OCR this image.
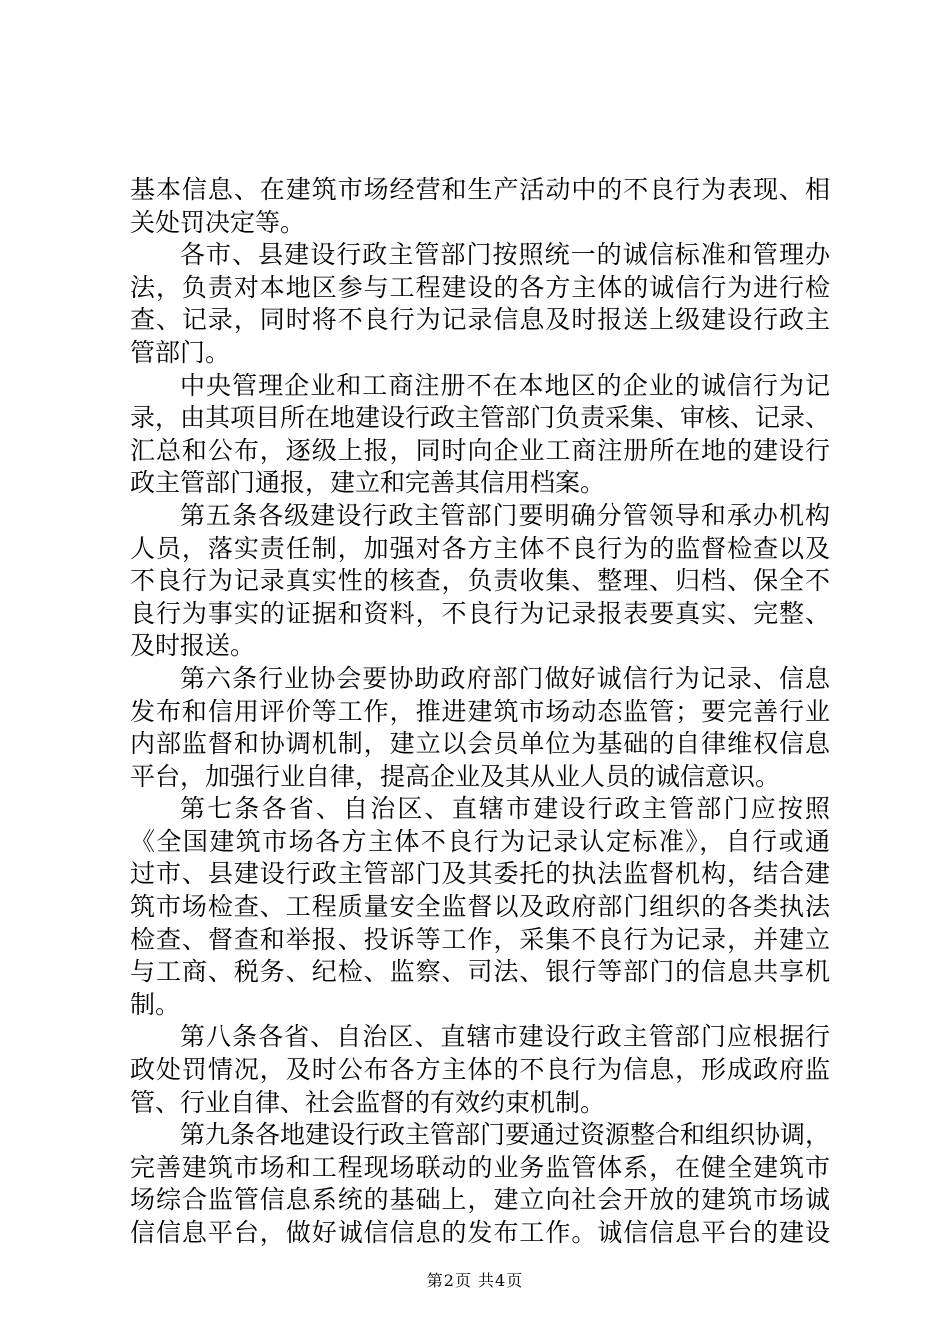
基本信息、在建筑市场经营和生产活动中的不良行为表现、相
关处罚决定等。
各市、县建设行政主管部门按照统一的诚信标准和管理办
法，负责对本地区参与工程建设的各方主体的诚信行为进行检
查、记录，同时将不良行为记录信息及时报送上级建设行政主
管部门。
中央管理企业和工商注册不在本地区的企业的诚信行为记
录，由其项目所在地建设行政主管部门负责采集、审核、记录、
汇总和公布，逐级上报，同时向企业工商注册所在地的建设行
政主管部门通报，建立和完善其信用档案。
第五条各级建设行政主管部门要明确分管领导和承办机构
人员，落实责任制，加强对各方主体不良行为的监督检查以及
不良行为记录真实性的核查，负责收集、整理、归档、保全不
良行为事实的证据和资料，不良行为记录报表要真实、完整、
及时报送。
第六条行业协会要协助政府部门做好诚信行为记录、信息
发布和信用评价等工作，推进建筑市场动态监管；要完善行业
内部监督和协调机制，建立以会员单位为基础的自律维权信息
平台，加强行业自律，提高企业及其从业人员的诚信意识。
第七条各省、自治区、直辖市建设行政主管部门应按照
《全国建筑市场各方主体不良行为记录认定标准》，自行或通
过市、县建设行政主管部门及其委托的执法监督机构，结合建
筑市场检查、工程质量安全监督以及政府部门组织的各类执法
检查、督查和举报、投诉等工作，采集不良行为记录，并建立
与工商、税务、纪检、监察、司法、银行等部门的信息共享机
制。
第八条各省、自治区、直辖市建设行政主管部门应根据行
政处罚情况，及时公布各方主体的不良行为信息，形成政府监
管、行业自律、社会监督的有效约束机制。
第九条各地建设行政主管部门要通过资源整合和组织协调，
完善建筑市场和工程现场联动的业务监管体系，在健全建筑市
场综合监管信息系统的基础上，建立向社会开放的建筑市场诚
信信息平台，做好诚信信息的发布工作。诚信信息平台的建设
第2页 共4页
